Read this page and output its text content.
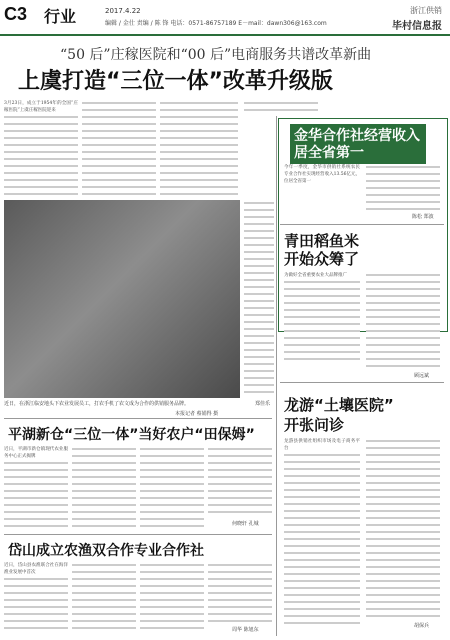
C3 行业	2017.4.22
编辑 / 金仕 责编 / 陈 锋 电话：0571-86757189 E－mail：dawn306@163.com
浙江供销
毕村信息报
“50 后”庄稼医院和“00 后”电商服务共谱改革新曲
上虞打造“三位一体”改革升级版
3月23日，成立于1954年的全国“庄稼医院”上虞庄稼医院迎来
郑佳乐
近日，在浙江临安地头下农业发展员工，打农手机了农文成为合作的供销服务品牌。
本报记者 蔡娟得 摄
金华合作社经营收入
居全省第一
今年一季度，金华市供销社系统农民专业合作社实现经营收入13.56亿元，位居全省第一
陈松 郑波
青田稻鱼米
开始众筹了
为做好全省重要农业大品牌推广
顾远斌
龙游“土壤医院”
开张问诊
龙游县供销社组织市场及电子商务平台
胡保兵
平湖新仓“三位一体”当好农户“田保姆”
近日，平湖市新仓镇现代农业服务中心正式揭牌
何晓轩 孔城
岱山成立农渔双合作专业合作社
近日，岱山县农渔联合社在海洋渔业发展中首次
周华 陈旭东
